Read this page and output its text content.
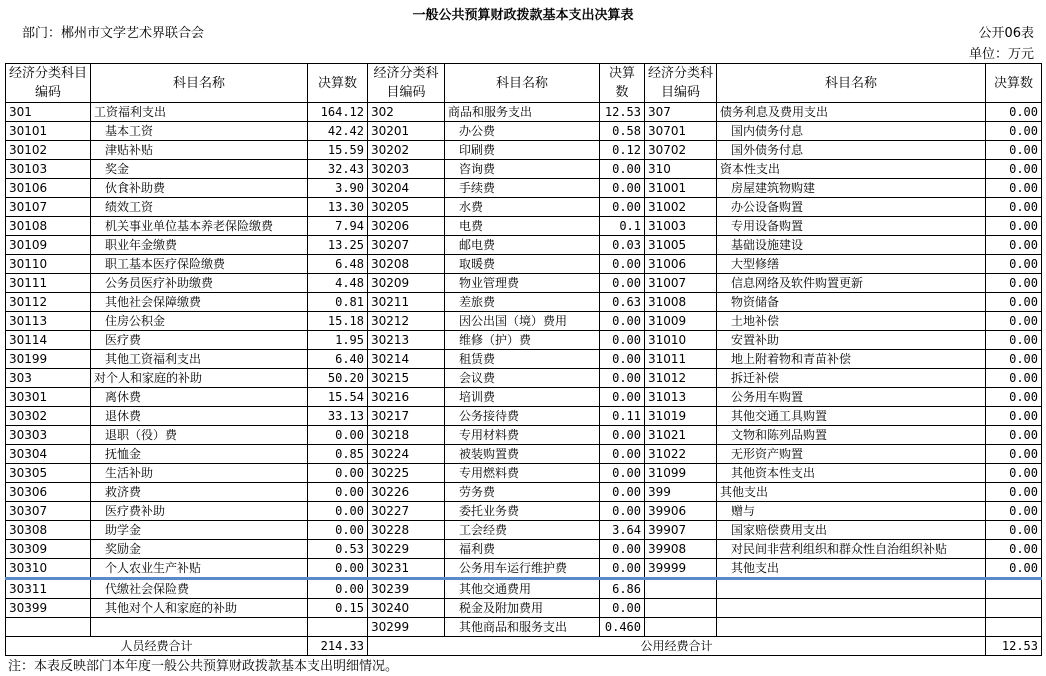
一般公共预算财政拨款基本支出决算表
部门：郴州市文学艺术界联合会	公开06表
单位：万元
经济分类科目编码	科目名称	决算数	经济分类科目编码	科目名称	决算数	经济分类科目编码	科目名称	决算数
301	工资福利支出	164.12	302	商品和服务支出	12.53	307	债务利息及费用支出	0.00
30101	基本工资	42.42	30201	办公费	0.58	30701	国内债务付息	0.00
30102	津贴补贴	15.59	30202	印刷费	0.12	30702	国外债务付息	0.00
30103	奖金	32.43	30203	咨询费	0.00	310	资本性支出	0.00
30106	伙食补助费	3.90	30204	手续费	0.00	31001	房屋建筑物购建	0.00
30107	绩效工资	13.30	30205	水费	0.00	31002	办公设备购置	0.00
30108	机关事业单位基本养老保险缴费	7.94	30206	电费	0.1	31003	专用设备购置	0.00
30109	职业年金缴费	13.25	30207	邮电费	0.03	31005	基础设施建设	0.00
30110	职工基本医疗保险缴费	6.48	30208	取暖费	0.00	31006	大型修缮	0.00
30111	公务员医疗补助缴费	4.48	30209	物业管理费	0.00	31007	信息网络及软件购置更新	0.00
30112	其他社会保障缴费	0.81	30211	差旅费	0.63	31008	物资储备	0.00
30113	住房公积金	15.18	30212	因公出国（境）费用	0.00	31009	土地补偿	0.00
30114	医疗费	1.95	30213	维修（护）费	0.00	31010	安置补助	0.00
30199	其他工资福利支出	6.40	30214	租赁费	0.00	31011	地上附着物和青苗补偿	0.00
303	对个人和家庭的补助	50.20	30215	会议费	0.00	31012	拆迁补偿	0.00
30301	离休费	15.54	30216	培训费	0.00	31013	公务用车购置	0.00
30302	退休费	33.13	30217	公务接待费	0.11	31019	其他交通工具购置	0.00
30303	退职（役）费	0.00	30218	专用材料费	0.00	31021	文物和陈列品购置	0.00
30304	抚恤金	0.85	30224	被装购置费	0.00	31022	无形资产购置	0.00
30305	生活补助	0.00	30225	专用燃料费	0.00	31099	其他资本性支出	0.00
30306	救济费	0.00	30226	劳务费	0.00	399	其他支出	0.00
30307	医疗费补助	0.00	30227	委托业务费	0.00	39906	赠与	0.00
30308	助学金	0.00	30228	工会经费	3.64	39907	国家赔偿费用支出	0.00
30309	奖励金	0.53	30229	福利费	0.00	39908	对民间非营利组织和群众性自治组织补贴	0.00
30310	个人农业生产补贴	0.00	30231	公务用车运行维护费	0.00	39999	其他支出	0.00
30311	代缴社会保险费	0.00	30239	其他交通费用	6.86			
30399	其他对个人和家庭的补助	0.15	30240	税金及附加费用	0.00			
			30299	其他商品和服务支出	0.460			
人员经费合计		214.33	公用经费合计					12.53
注：本表反映部门本年度一般公共预算财政拨款基本支出明细情况。
